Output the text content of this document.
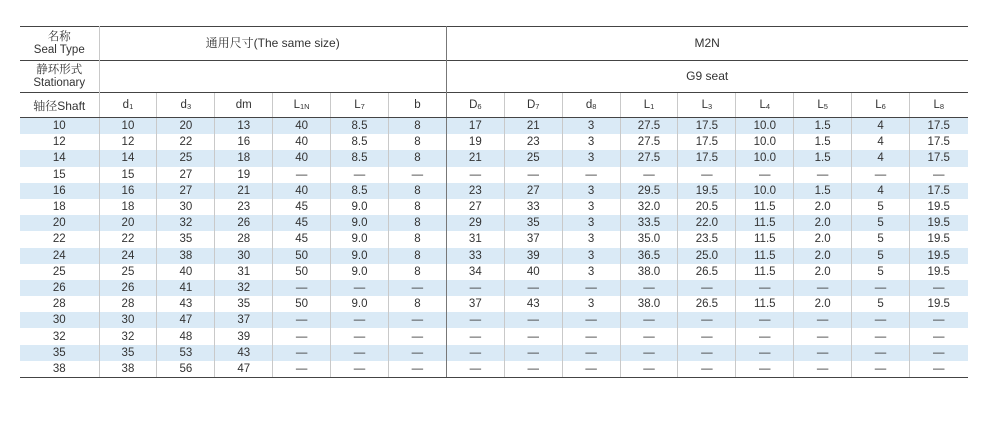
名称
Seal Type	通用尺寸(The same size)						M2N								

静环形式
Stationary							G9 seat								
轴径Shaft	d1	d3	dm	L1N	L7	b	D6	D7	d8	L1	L3	L4	L5	L6	L8
10	10	20	13	40	8.5	8	17	21	3	27.5	17.5	10.0	1.5	4	17.5
12	12	22	16	40	8.5	8	19	23	3	27.5	17.5	10.0	1.5	4	17.5
14	14	25	18	40	8.5	8	21	25	3	27.5	17.5	10.0	1.5	4	17.5
15	15	27	19	—	—	—	—	—	—	—	—	—	—	—	—
16	16	27	21	40	8.5	8	23	27	3	29.5	19.5	10.0	1.5	4	17.5
18	18	30	23	45	9.0	8	27	33	3	32.0	20.5	11.5	2.0	5	19.5
20	20	32	26	45	9.0	8	29	35	3	33.5	22.0	11.5	2.0	5	19.5
22	22	35	28	45	9.0	8	31	37	3	35.0	23.5	11.5	2.0	5	19.5
24	24	38	30	50	9.0	8	33	39	3	36.5	25.0	11.5	2.0	5	19.5
25	25	40	31	50	9.0	8	34	40	3	38.0	26.5	11.5	2.0	5	19.5
26	26	41	32	—	—	—	—	—	—	—	—	—	—	—	—
28	28	43	35	50	9.0	8	37	43	3	38.0	26.5	11.5	2.0	5	19.5
30	30	47	37	—	—	—	—	—	—	—	—	—	—	—	—
32	32	48	39	—	—	—	—	—	—	—	—	—	—	—	—
35	35	53	43	—	—	—	—	—	—	—	—	—	—	—	—
38	38	56	47	—	—	—	—	—	—	—	—	—	—	—	—
